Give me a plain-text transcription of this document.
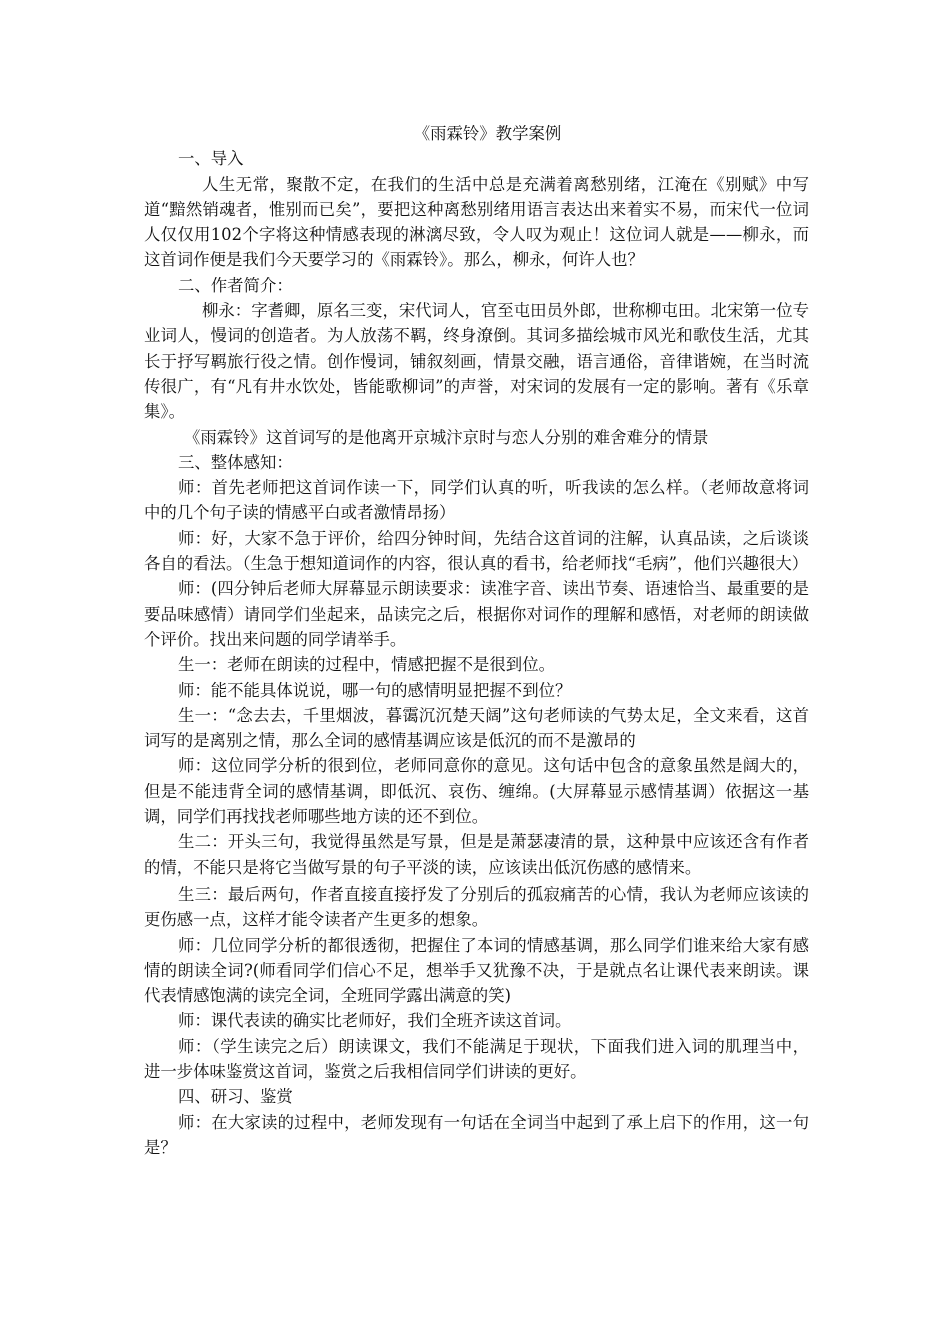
《雨霖铃》教学案例
一、导入
人生无常，聚散不定，在我们的生活中总是充满着离愁别绪，江淹在《别赋》中写道“黯然销魂者，惟别而已矣”，要把这种离愁别绪用语言表达出来着实不易，而宋代一位词人仅仅用102个字将这种情感表现的淋漓尽致，令人叹为观止！这位词人就是——柳永，而这首词作便是我们今天要学习的《雨霖铃》。那么，柳永，何许人也？
二、作者简介：
柳永：字耆卿，原名三变，宋代词人，官至屯田员外郎，世称柳屯田。北宋第一位专业词人，慢词的创造者。为人放荡不羁，终身潦倒。其词多描绘城市风光和歌伎生活，尤其长于抒写羁旅行役之情。创作慢词，铺叙刻画，情景交融，语言通俗，音律谐婉，在当时流传很广，有“凡有井水饮处，皆能歌柳词”的声誉，对宋词的发展有一定的影响。著有《乐章集》。
《雨霖铃》这首词写的是他离开京城汴京时与恋人分别的难舍难分的情景
三、整体感知：
师：首先老师把这首词作读一下，同学们认真的听，听我读的怎么样。（老师故意将词中的几个句子读的情感平白或者激情昂扬）
师：好，大家不急于评价，给四分钟时间，先结合这首词的注解，认真品读，之后谈谈各自的看法。（生急于想知道词作的内容，很认真的看书，给老师找“毛病”，他们兴趣很大）
师：(四分钟后老师大屏幕显示朗读要求：读准字音、读出节奏、语速恰当、最重要的是要品味感情）请同学们坐起来，品读完之后，根据你对词作的理解和感悟，对老师的朗读做个评价。找出来问题的同学请举手。
生一：老师在朗读的过程中，情感把握不是很到位。
师：能不能具体说说，哪一句的感情明显把握不到位？
生一：“念去去，千里烟波，暮霭沉沉楚天阔”这句老师读的气势太足，全文来看，这首词写的是离别之情，那么全词的感情基调应该是低沉的而不是激昂的
师：这位同学分析的很到位，老师同意你的意见。这句话中包含的意象虽然是阔大的，但是不能违背全词的感情基调，即低沉、哀伤、缠绵。(大屏幕显示感情基调）依据这一基调，同学们再找找老师哪些地方读的还不到位。
生二：开头三句，我觉得虽然是写景，但是是萧瑟凄清的景，这种景中应该还含有作者的情，不能只是将它当做写景的句子平淡的读，应该读出低沉伤感的感情来。
生三：最后两句，作者直接直接抒发了分别后的孤寂痛苦的心情，我认为老师应该读的更伤感一点，这样才能令读者产生更多的想象。
师：几位同学分析的都很透彻，把握住了本词的情感基调，那么同学们谁来给大家有感情的朗读全词?(师看同学们信心不足，想举手又犹豫不决，于是就点名让课代表来朗读。课代表情感饱满的读完全词，全班同学露出满意的笑)
师：课代表读的确实比老师好，我们全班齐读这首词。
师：（学生读完之后）朗读课文，我们不能满足于现状，下面我们进入词的肌理当中，进一步体味鉴赏这首词，鉴赏之后我相信同学们讲读的更好。
四、研习、鉴赏
师：在大家读的过程中，老师发现有一句话在全词当中起到了承上启下的作用，这一句是？
